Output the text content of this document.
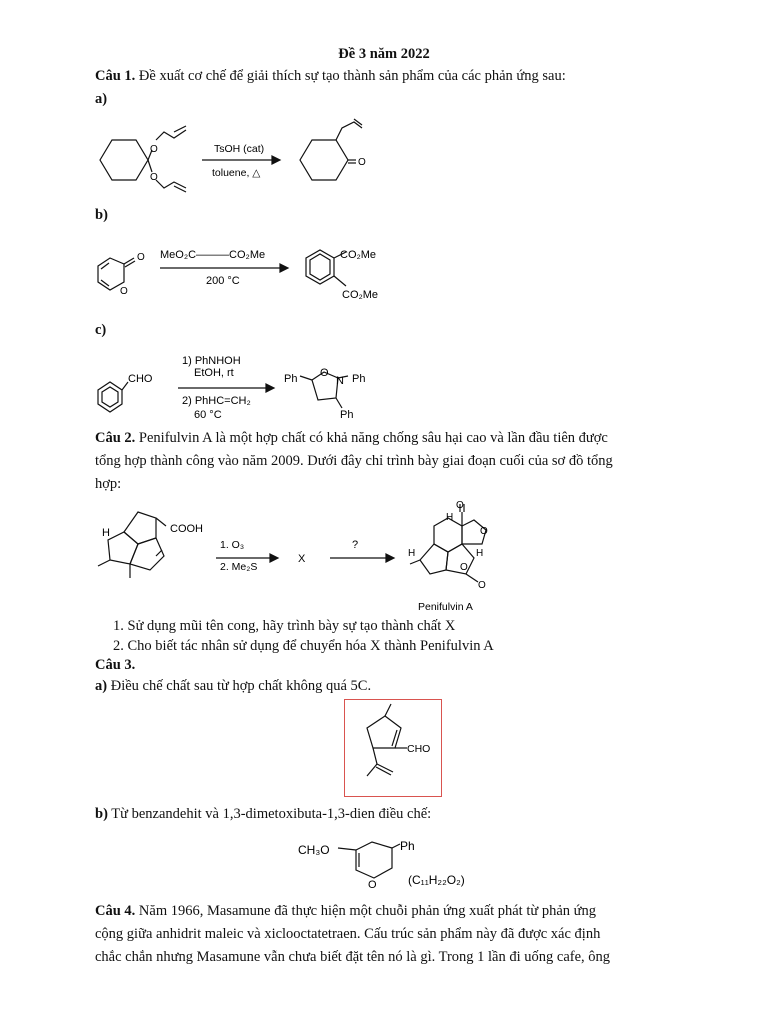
Đề 3 năm 2022
Câu 1. Đề xuất cơ chế để giải thích sự tạo thành sản phẩm của các phản ứng sau:
a)
O
O
O
TsOH (cat)
toluene, △
b)
O
O
MeO₂C———CO₂Me
200 °C
CO₂Me
CO₂Me
c)
CHO
1) PhNHOH
EtOH, rt
2) PhHC=CH₂
60 °C
Ph O
N Ph
Ph
Câu 2. Penifulvin A là một hợp chất có khả năng chống sâu hại cao và lần đầu tiên được
tổng hợp thành công vào năm 2009. Dưới đây chỉ trình bày giai đoạn cuối của sơ đồ tổng
hợp:
COOH
H
1. O₃
2. Me₂S
X
?
H
H	H
O
O
O
O
Penifulvin A
1. Sử dụng mũi tên cong, hãy trình bày sự tạo thành chất X
2. Cho biết tác nhân sử dụng để chuyển hóa X thành Penifulvin A
Câu 3.
a) Điều chế chất sau từ hợp chất không quá 5C.
CHO
b) Từ benzandehit và 1,3-dimetoxibuta-1,3-dien điều chế:
CH₃O	Ph
O	(C₁₁H₂₂O₂)
Câu 4. Năm 1966, Masamune đã thực hiện một chuỗi phản ứng xuất phát từ phản ứng
cộng giữa anhidrit maleic và xiclooctatetraen. Cấu trúc sản phẩm này đã được xác định
chắc chắn nhưng Masamune vẫn chưa biết đặt tên nó là gì. Trong 1 lần đi uống cafe, ông
